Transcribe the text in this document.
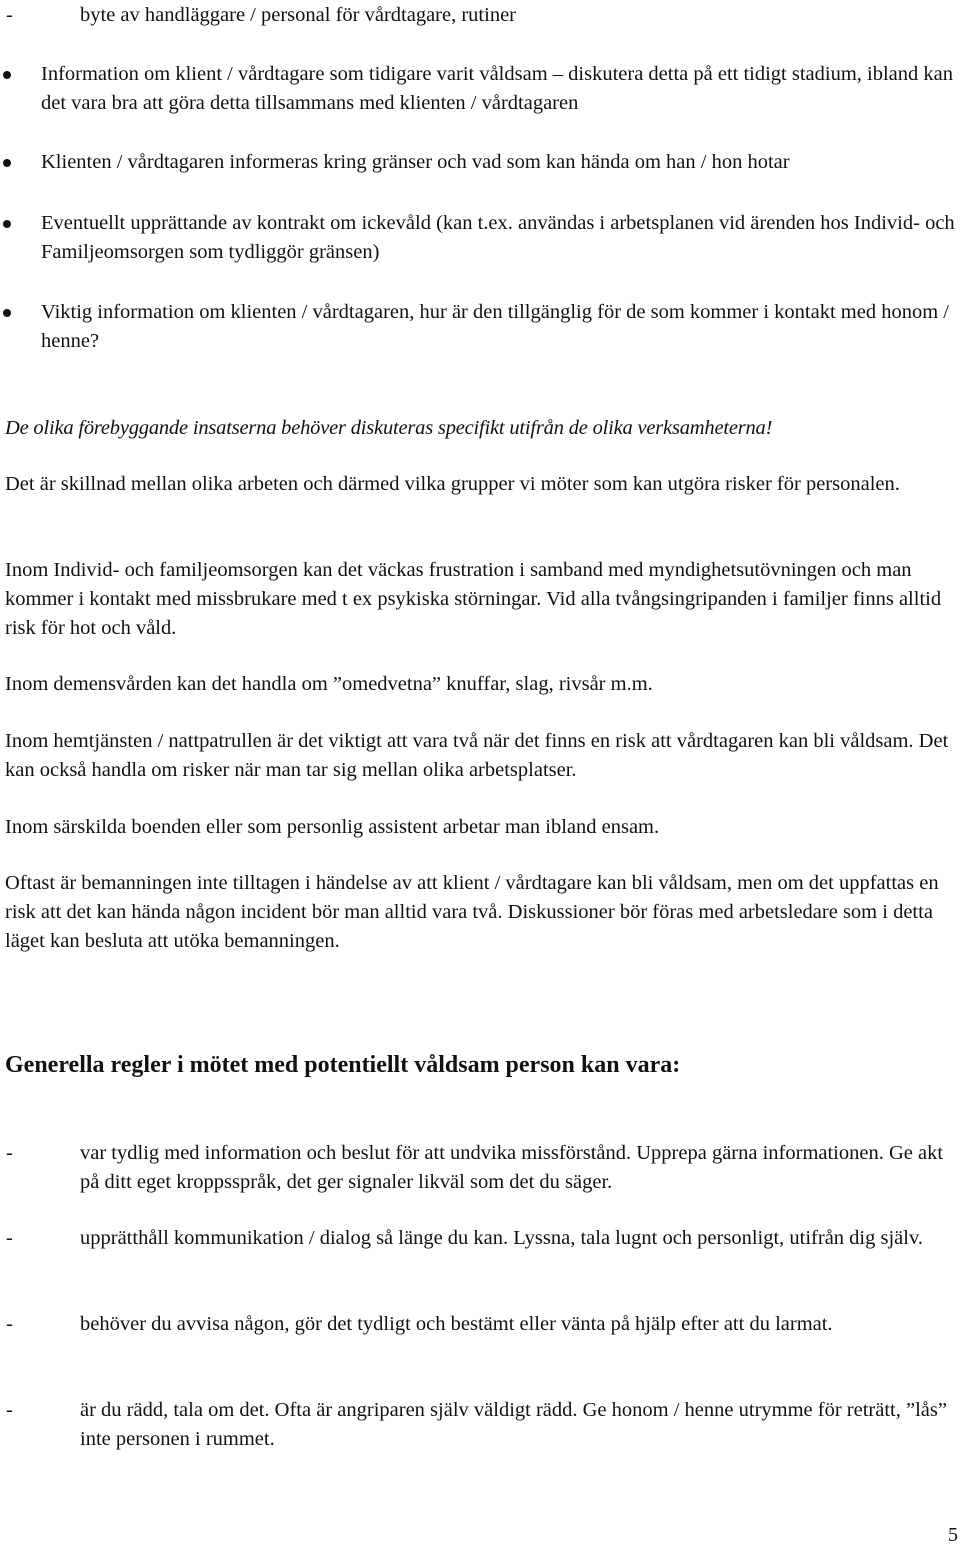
-	byte av handläggare / personal för vårdtagare, rutiner
Information om klient / vårdtagare som tidigare varit våldsam – diskutera detta på ett tidigt stadium, ibland kan det vara bra att göra detta tillsammans med klienten / vårdtagaren
Klienten / vårdtagaren informeras kring gränser och vad som kan hända om han / hon hotar
Eventuellt upprättande av kontrakt om ickevåld (kan t.ex. användas i arbetsplanen vid ärenden hos Individ- och Familjeomsorgen som tydliggör gränsen)
Viktig information om klienten / vårdtagaren, hur är den tillgänglig för de som kommer i kontakt med honom / henne?
De olika förebyggande insatserna behöver diskuteras specifikt utifrån de olika verksamheterna!
Det är skillnad mellan olika arbeten och därmed vilka grupper vi möter som kan utgöra risker för personalen.
Inom Individ- och familjeomsorgen kan det väckas frustration i samband med myndighetsutövningen och man kommer i kontakt med missbrukare med t ex psykiska störningar. Vid alla tvångsingripanden i familjer finns alltid risk för hot och våld.
Inom demensvården kan det handla om ”omedvetna” knuffar, slag, rivsår m.m.
Inom hemtjänsten / nattpatrullen är det viktigt att vara två när det finns en risk att vårdtagaren kan bli våldsam. Det kan också handla om risker när man tar sig mellan olika arbetsplatser.
Inom särskilda boenden eller som personlig assistent arbetar man ibland ensam.
Oftast är bemanningen inte tilltagen i händelse av att klient / vårdtagare kan bli våldsam, men om det uppfattas en risk att det kan hända någon incident bör man alltid vara två. Diskussioner bör föras med arbetsledare som i detta läget kan besluta att utöka bemanningen.
Generella regler i mötet med potentiellt våldsam person kan vara:
-	var tydlig med information och beslut för att undvika missförstånd. Upprepa gärna informationen. Ge akt på ditt eget kroppsspråk, det ger signaler likväl som det du säger.
-	upprätthåll kommunikation / dialog så länge du kan. Lyssna, tala lugnt och personligt, utifrån dig själv.
-	behöver du avvisa någon, gör det tydligt och bestämt eller vänta på hjälp efter att du larmat.
-	är du rädd, tala om det. Ofta är angriparen själv väldigt rädd. Ge honom / henne utrymme för reträtt, ”lås” inte personen i rummet.
5
